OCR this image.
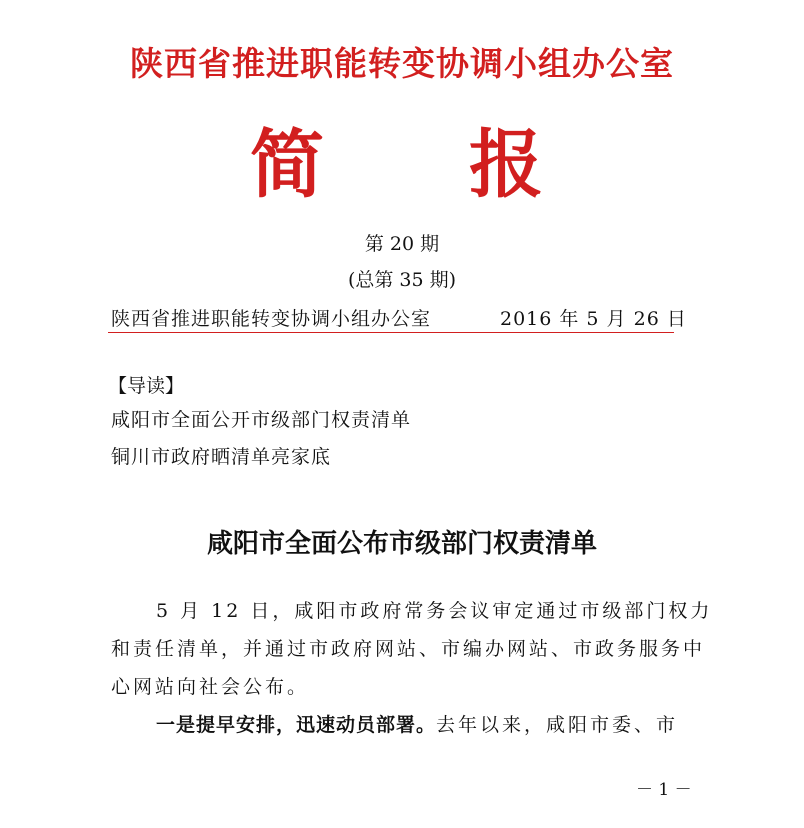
陕西省推进职能转变协调小组办公室
简 报
第 20 期
(总第 35 期)
陕西省推进职能转变协调小组办公室	2016 年 5 月 26 日
【导读】
咸阳市全面公开市级部门权责清单
铜川市政府晒清单亮家底
咸阳市全面公布市级部门权责清单
5 月 12 日，咸阳市政府常务会议审定通过市级部门权力
和责任清单，并通过市政府网站、市编办网站、市政务服务中
心网站向社会公布。
一是提早安排，迅速动员部署。去年以来，咸阳市委、市
－ 1 －
